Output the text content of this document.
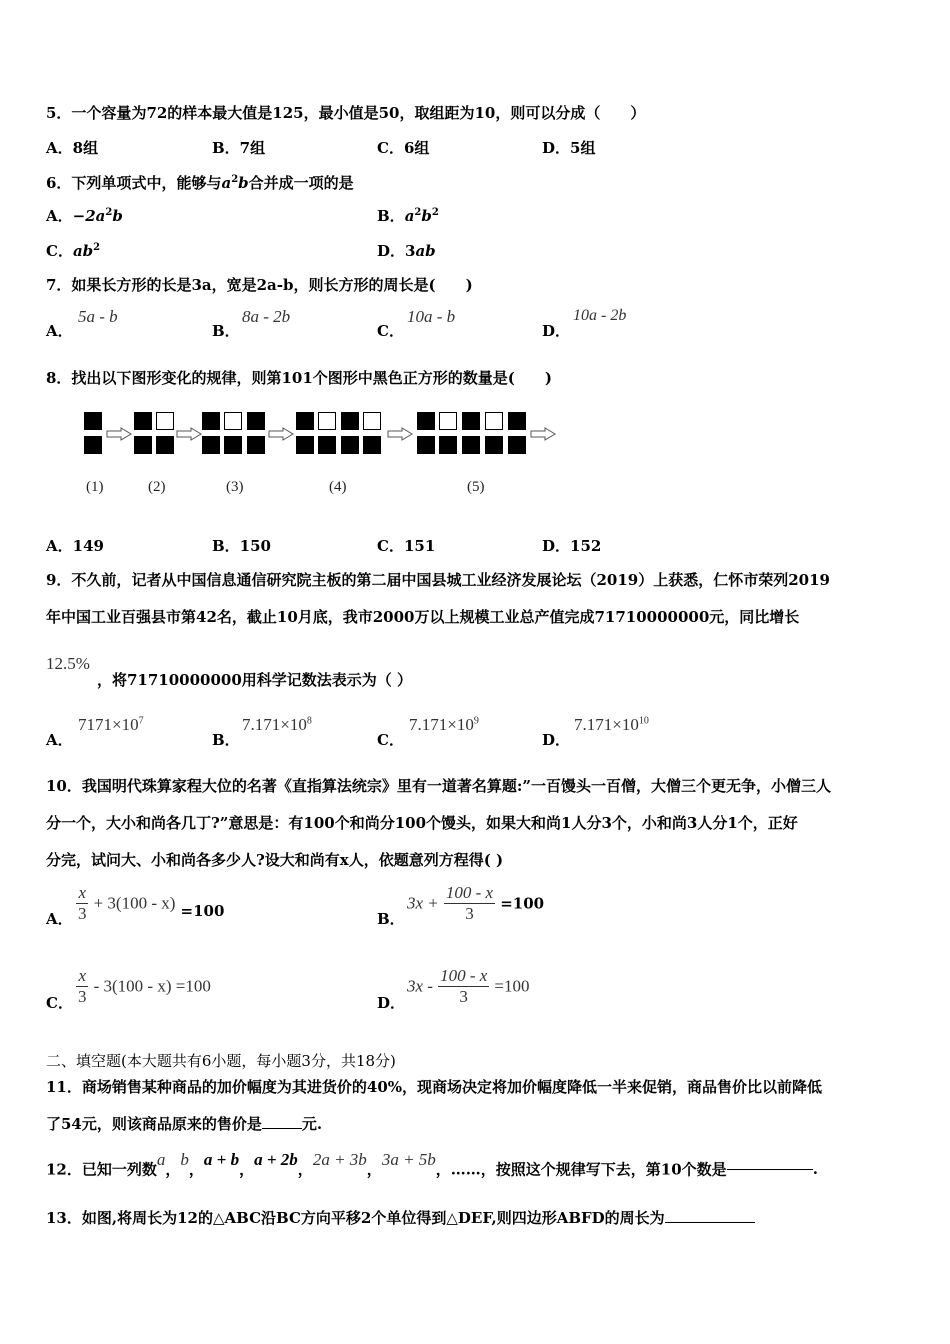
5．一个容量为72的样本最大值是125，最小值是50，取组距为10，则可以分成（　　）
A．8组	B．7组	C．6组	D．5组
6．下列单项式中，能够与$a^2b$合并成一项的是
A．$-2a^2b$	B．$a^2b^2$
C．$ab^2$	D．3ab
7．如果长方形的长是3a，宽是2a-b，则长方形的周长是(　　)
A．
5a - b
B．
8a - 2b
C．
10a - b
D．
10a - 2b
8．找出以下图形变化的规律，则第101个图形中黑色正方形的数量是(　　)
(1)	(2)	(3)	(4)	(5)
A．149	B．150	C．151	D．152
9．不久前，记者从中国信息通信研究院主板的第二届中国县城工业经济发展论坛（2019）上获悉，仁怀市荣列2019
年中国工业百强县市第42名，截止10月底，我市2000万以上规模工业总产值完成71710000000元，同比增长
12.5%
，将71710000000用科学记数法表示为（ ）
A．
$7171\times 10^7$
B．
$7.171\times 10^8$
C．
$7.171\times 10^9$
D．
$7.171\times 10^{10}$
10．我国明代珠算家程大位的名著《直指算法统宗》里有一道著名算题:”一百馒头一百僧，大僧三个更无争，小僧三人
分一个，大小和尚各几丁?”意思是：有100个和尚分100个馒头，如果大和尚1人分3个，小和尚3人分1个，正好
分完，试问大、小和尚各多少人?设大和尚有x人，依题意列方程得( )
A． $\frac{x}{3} + 3(100 - x) =100$	B．
$3x + \frac{100 - x}{3} =100$
C． $\frac{x}{3} - 3(100 - x) =100$
D．
$3x - \frac{100 - x}{3} =100$
二、填空题(本大题共有6小题，每小题3分，共18分)
11．商场销售某种商品的加价幅度为其进货价的40%，现商场决定将加价幅度降低一半来促销，商品售价比以前降低
了54元，则该商品原来的售价是	元.
12．已知一列数a，b，a + b，a + 2b，2a + 3b，3a + 5b，……，按照这个规律写下去，第10个数是	.
13．如图,将周长为12的△ABC沿BC方向平移2个单位得到△DEF,则四边形ABFD的周长为
